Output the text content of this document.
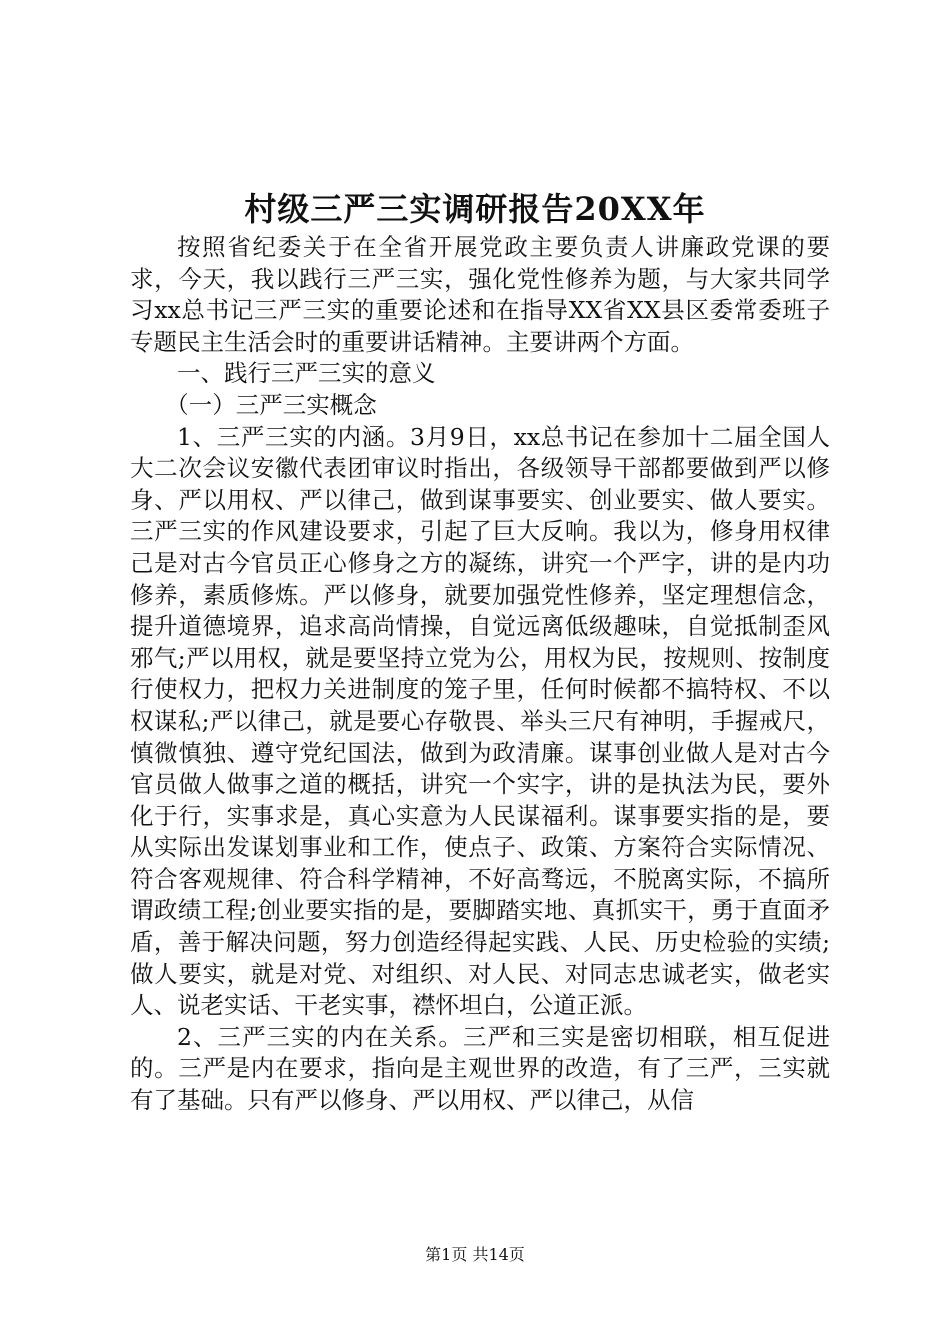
村级三严三实调研报告20XX年

按照省纪委关于在全省开展党政主要负责人讲廉政党课的要求，今天，我以践行三严三实，强化党性修养为题，与大家共同学习xx总书记三严三实的重要论述和在指导XX省XX县区委常委班子专题民主生活会时的重要讲话精神。主要讲两个方面。

一、践行三严三实的意义

（一）三严三实概念

1、三严三实的内涵。3月9日，xx总书记在参加十二届全国人大二次会议安徽代表团审议时指出，各级领导干部都要做到严以修身、严以用权、严以律己，做到谋事要实、创业要实、做人要实。三严三实的作风建设要求，引起了巨大反响。我以为，修身用权律己是对古今官员正心修身之方的凝练，讲究一个严字，讲的是内功修养，素质修炼。严以修身，就要加强党性修养，坚定理想信念，提升道德境界，追求高尚情操，自觉远离低级趣味，自觉抵制歪风邪气;严以用权，就是要坚持立党为公，用权为民，按规则、按制度行使权力，把权力关进制度的笼子里，任何时候都不搞特权、不以权谋私;严以律己，就是要心存敬畏、举头三尺有神明，手握戒尺，慎微慎独、遵守党纪国法，做到为政清廉。谋事创业做人是对古今官员做人做事之道的概括，讲究一个实字，讲的是执法为民，要外化于行，实事求是，真心实意为人民谋福利。谋事要实指的是，要从实际出发谋划事业和工作，使点子、政策、方案符合实际情况、符合客观规律、符合科学精神，不好高骛远，不脱离实际，不搞所谓政绩工程;创业要实指的是，要脚踏实地、真抓实干，勇于直面矛盾，善于解决问题，努力创造经得起实践、人民、历史检验的实绩;做人要实，就是对党、对组织、对人民、对同志忠诚老实，做老实人、说老实话、干老实事，襟怀坦白，公道正派。

2、三严三实的内在关系。三严和三实是密切相联，相互促进的。三严是内在要求，指向是主观世界的改造，有了三严，三实就有了基础。只有严以修身、严以用权、严以律己，从信

第1页 共14页
